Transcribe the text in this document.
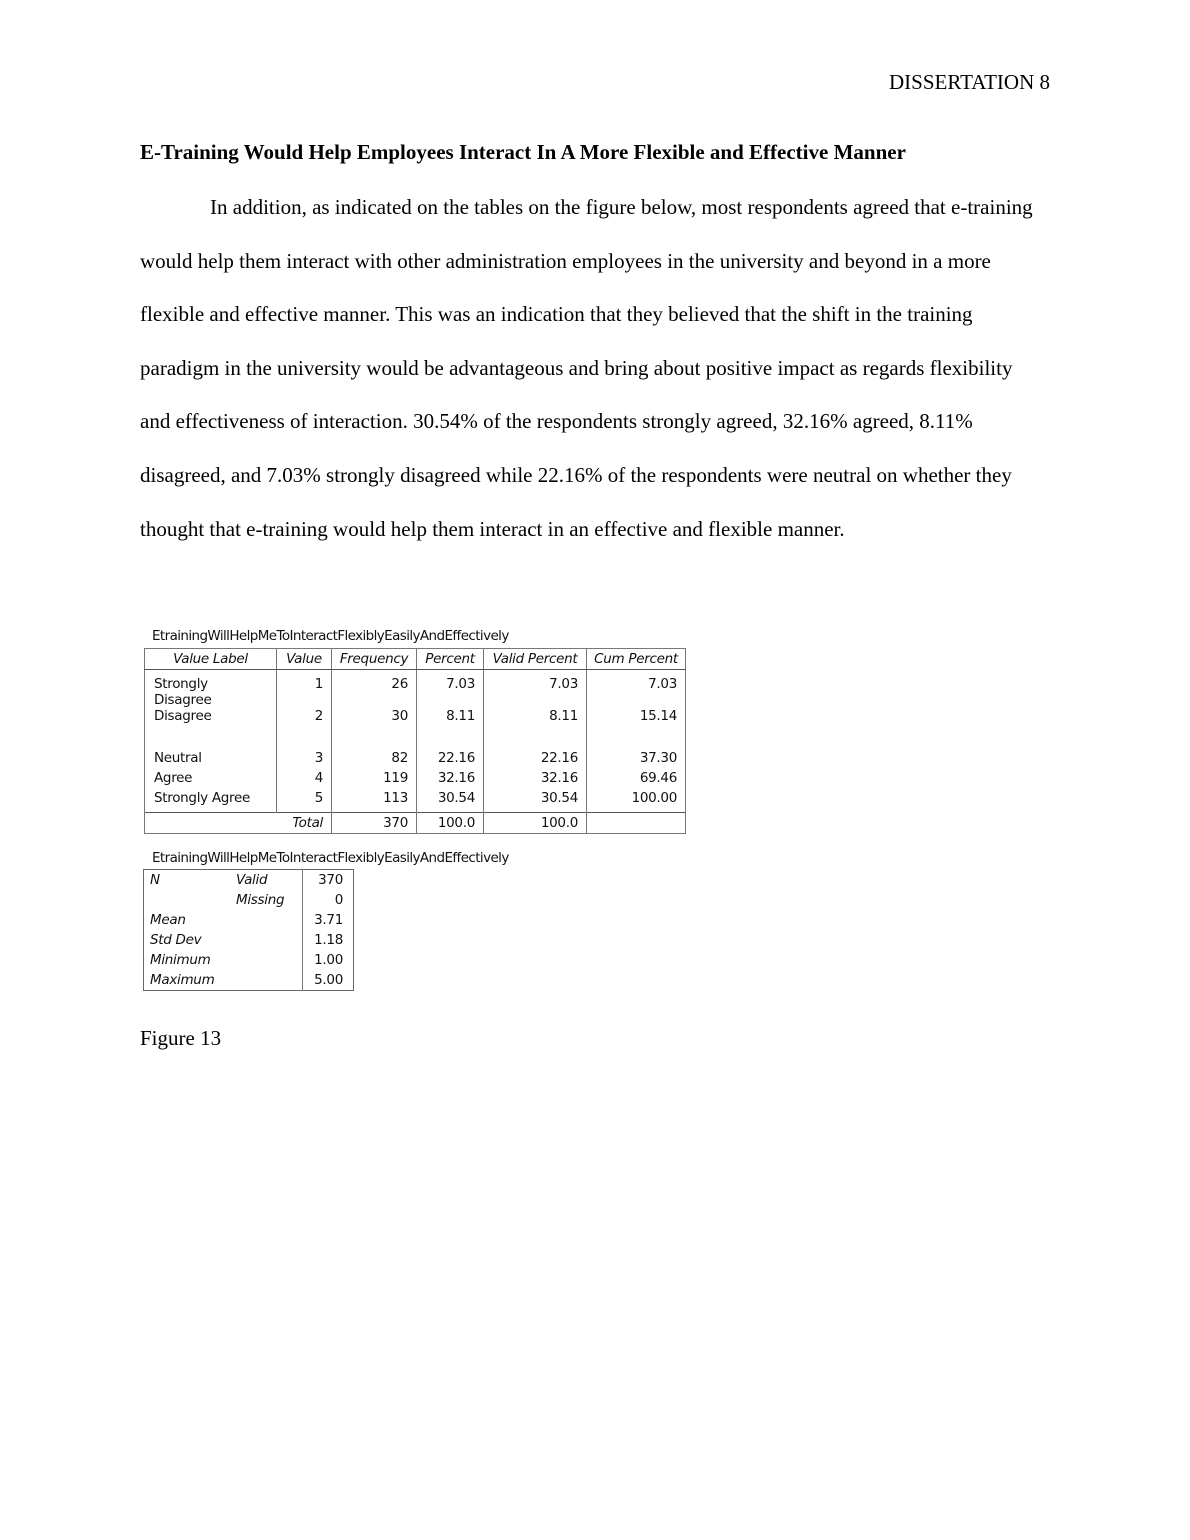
DISSERTATION 8
E-Training Would Help Employees Interact In A More Flexible and Effective Manner
In addition, as indicated on the tables on the figure below, most respondents agreed that e-training would help them interact with other administration employees in the university and beyond in a more flexible and effective manner. This was an indication that they believed that the shift in the training paradigm in the university would be advantageous and bring about positive impact as regards flexibility and effectiveness of interaction. 30.54% of the respondents strongly agreed, 32.16% agreed, 8.11% disagreed, and 7.03% strongly disagreed while 22.16% of the respondents were neutral on whether they thought that e-training would help them interact in an effective and flexible manner.
EtrainingWillHelpMeToInteractFlexiblyEasilyAndEffectively
Value Label	Value	Frequency	Percent	Valid Percent	Cum Percent
Strongly Disagree	1	26	7.03	7.03	7.03
Disagree	2	30	8.11	8.11	15.14
Neutral	3	82	22.16	22.16	37.30
Agree	4	119	32.16	32.16	69.46
Strongly Agree	5	113	30.54	30.54	100.00
Total		370	100.0	100.0	
EtrainingWillHelpMeToInteractFlexiblyEasilyAndEffectively
N	Valid	370
	Missing	0
Mean		3.71
Std Dev		1.18
Minimum		1.00
Maximum		5.00
Figure 13
